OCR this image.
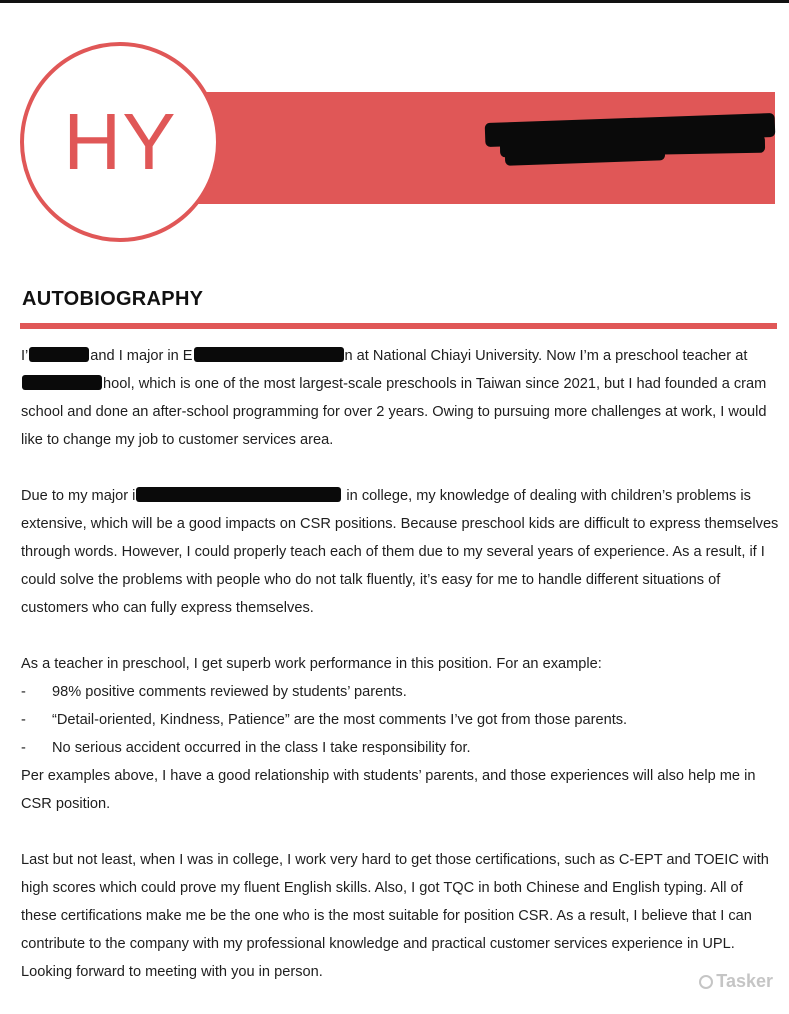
HY
AUTOBIOGRAPHY

I’	and I major in E	n at National Chiayi University. Now I’m a preschool teacher at hool, which is one of the most largest-scale preschools in Taiwan since 2021, but I had founded a cram school and done an after-school programming for over 2 years. Owing to pursuing more challenges at work, I would like to change my job to customer services area.

Due to my major i	in college, my knowledge of dealing with children’s problems is extensive, which will be a good impacts on CSR positions. Because preschool kids are difficult to express themselves through words. However, I could properly teach each of them due to my several years of experience. As a result, if I could solve the problems with people who do not talk fluently, it’s easy for me to handle different situations of customers who can fully express themselves.

As a teacher in preschool, I get superb work performance in this position. For an example:

-	98% positive comments reviewed by students’ parents.
-	“Detail-oriented, Kindness, Patience” are the most comments I’ve got from those parents.
-	No serious accident occurred in the class I take responsibility for.

Per examples above, I have a good relationship with students’ parents, and those experiences will also help me in CSR position.

Last but not least, when I was in college, I work very hard to get those certifications, such as C-EPT and TOEIC with high scores which could prove my fluent English skills. Also, I got TQC in both Chinese and English typing. All of these certifications make me be the one who is the most suitable for position CSR. As a result, I believe that I can contribute to the company with my professional knowledge and practical customer services experience in UPL. Looking forward to meeting with you in person.	Tasker
